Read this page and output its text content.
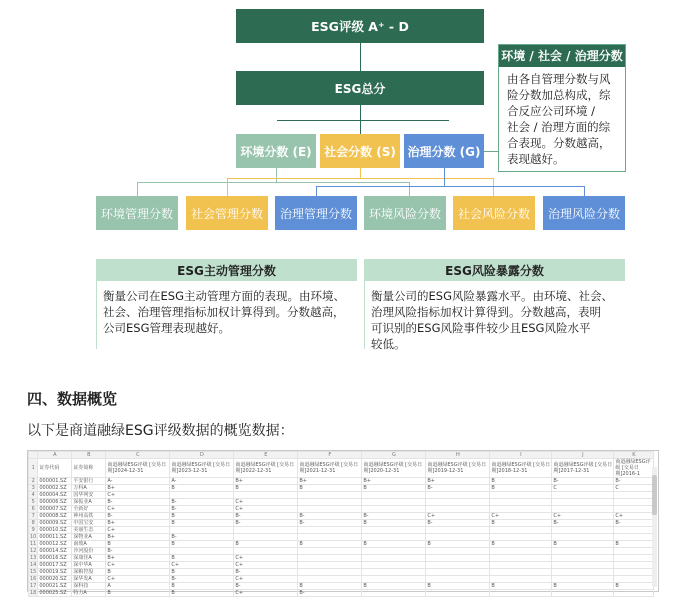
ESG评级 A⁺ - D
ESG总分
环境分数 (E)	社会分数 (S) 治理分数 (G)
环境 / 社会 / 治理分数
由各自管理分数与风
险分数加总构成，综
合反应公司环境 /
社会 / 治理方面的综
合表现。分数越高，
表现越好。
环境管理分数	社会管理分数	治理管理分数	环境风险分数	社会风险分数	治理风险分数
ESG主动管理分数
衡量公司在ESG主动管理方面的表现。由环境、
社会、治理管理指标加权计算得到。分数越高，
公司ESG管理表现越好。
ESG风险暴露分数
衡量公司的ESG风险暴露水平。由环境、社会、
治理风险指标加权计算得到。分数越高，表明
可识别的ESG风险事件较少且ESG风险水平
较低。
四、数据概览
以下是商道融绿ESG评级数据的概览数据：
	A	B	C	D	E	F	G	H	I	J	K
1	证券代码	证券简称	商道融绿ESG评级 [交易日期]2024-12-31	商道融绿ESG评级 [交易日期]2023-12-31	商道融绿ESG评级 [交易日期]2022-12-31	商道融绿ESG评级 [交易日期]2021-12-31	商道融绿ESG评级 [交易日期]2020-12-31	商道融绿ESG评级 [交易日期]2019-12-31	商道融绿ESG评级 [交易日期]2018-12-31	商道融绿ESG评级 [交易日期]2017-12-31	商道融绿ESG评级 [交易日期]2016-1
2	000001.SZ	平安银行	A-	A-	B+	B+	B+	B+	B	B-	B-
3	000002.SZ	万科A	B+	B	B	B	B	B-	B	C	C
4	000004.SZ	国华网安	C+								
5	000006.SZ	深振业A	B-	B-	C+						
6	000007.SZ	全新好	C+	B-	C+						
7	000008.SZ	神州高铁	B-	B	B-	B-	B-	C+	C+	C+	C+
8	000009.SZ	中国宝安	B+	B	B-	B-	B	B-	B	B-	B-
9	000010.SZ	美丽生态	C+								
10	000011.SZ	深物业A	B+	B-							
11	000012.SZ	南玻A	B	B	B	B	B	B	B	B	B
12	000014.SZ	沙河股份	B-								
13	000016.SZ	深康佳A	B+	B	C+						
14	000017.SZ	深中华A	C+	C+	C+						
15	000019.SZ	深粮控股	B	B	B-						
16	000020.SZ	深华发A	C+	B-	C+						
17	000021.SZ	深科技	A	B	B-	B	B	B	B	B	B
18	000025.SZ	特力A	B	B	C+	B-					
